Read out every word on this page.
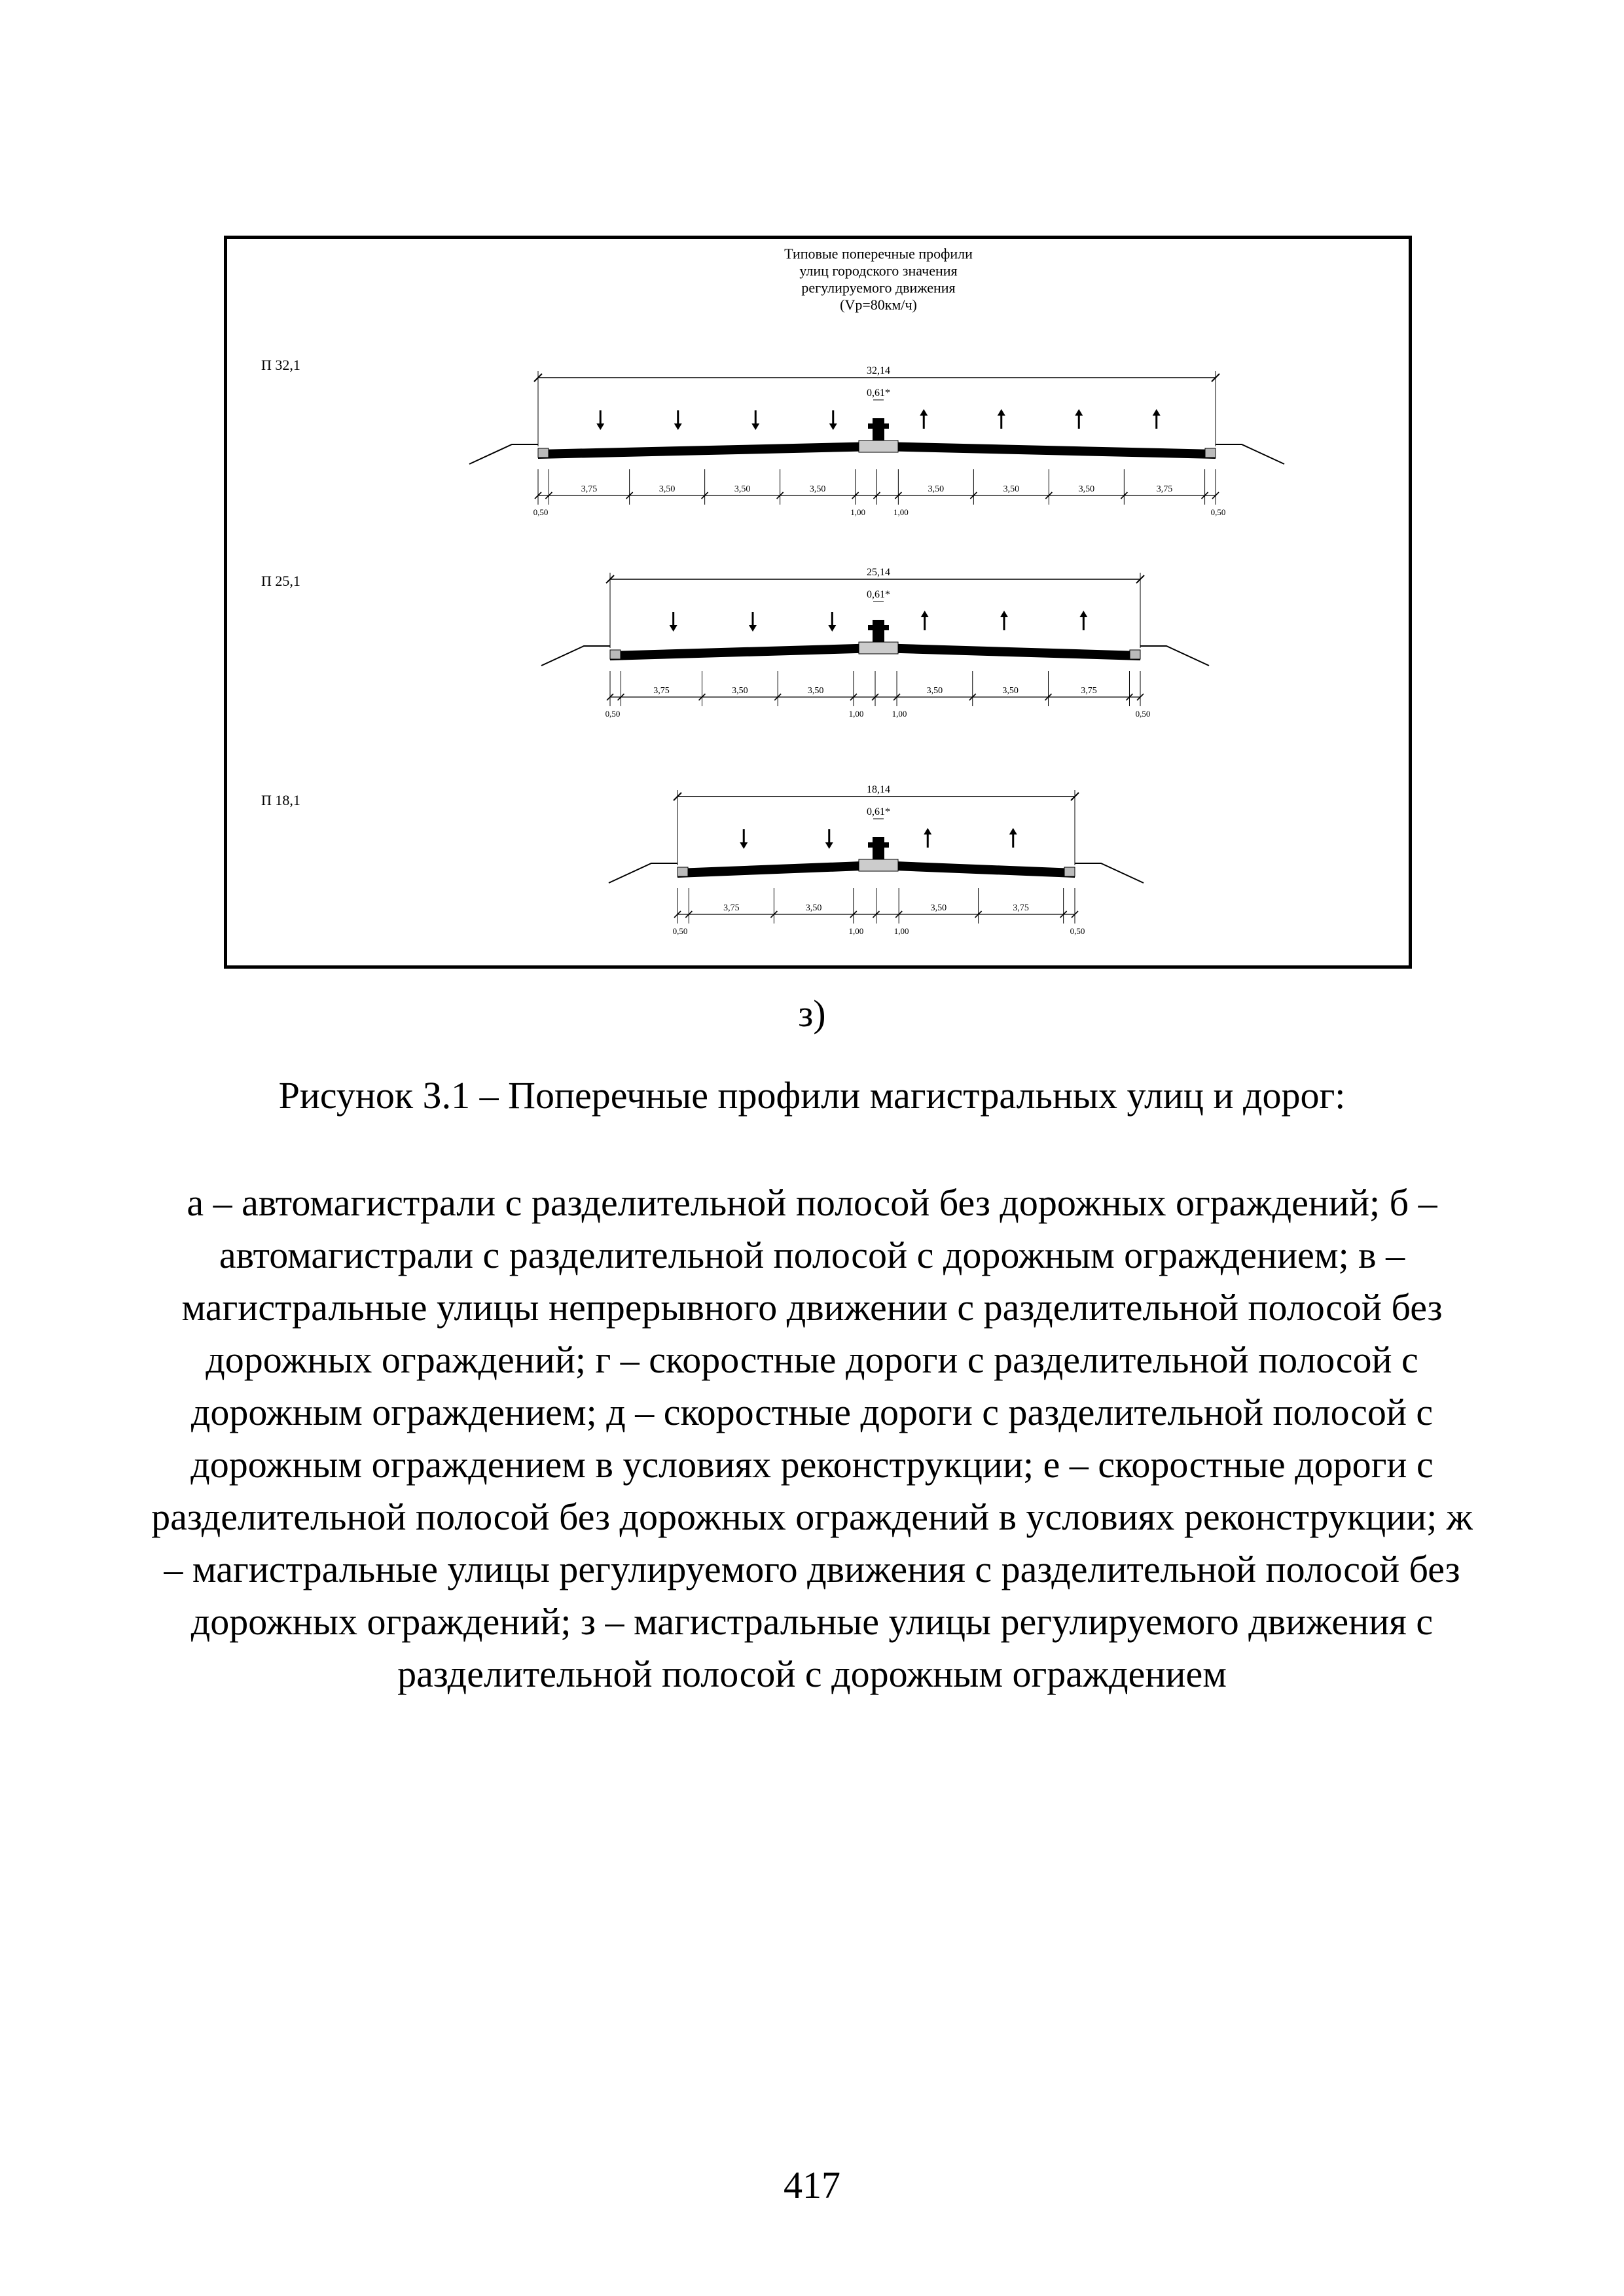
Типовые поперечные профили
улиц городского значения
регулируемого движения
(Vр=80км/ч)
П 32,1	32,14
0,61*
0,50
3,75	3,50	3,50	3,50
1,00	1,00
3,50	3,50	3,50	3,75
0,50
П 25,1
25,14
0,61*
0,50
3,75	3,50	3,50
1,00	1,00
3,50	3,50	3,75
0,50
П 18,1
18,14
0,61*
0,50
3,75	3,50
1,00	1,00
3,50	3,75
0,50
з)
Рисунок З.1 – Поперечные профили магистральных улиц и дорог:
а – автомагистрали с разделительной полосой без дорожных ограждений; б – автомагистрали с разделительной полосой с дорожным ограждением; в – магистральные улицы непрерывного движении с разделительной полосой без дорожных ограждений; г – скоростные дороги с разделительной полосой с дорожным ограждением; д – скоростные дороги с разделительной полосой с дорожным ограждением в условиях реконструкции; е – скоростные дороги с разделительной полосой без дорожных ограждений в условиях реконструкции; ж – магистральные улицы регулируемого движения с разделительной полосой без дорожных ограждений; з – магистральные улицы регулируемого движения с разделительной полосой с дорожным ограждением
417
